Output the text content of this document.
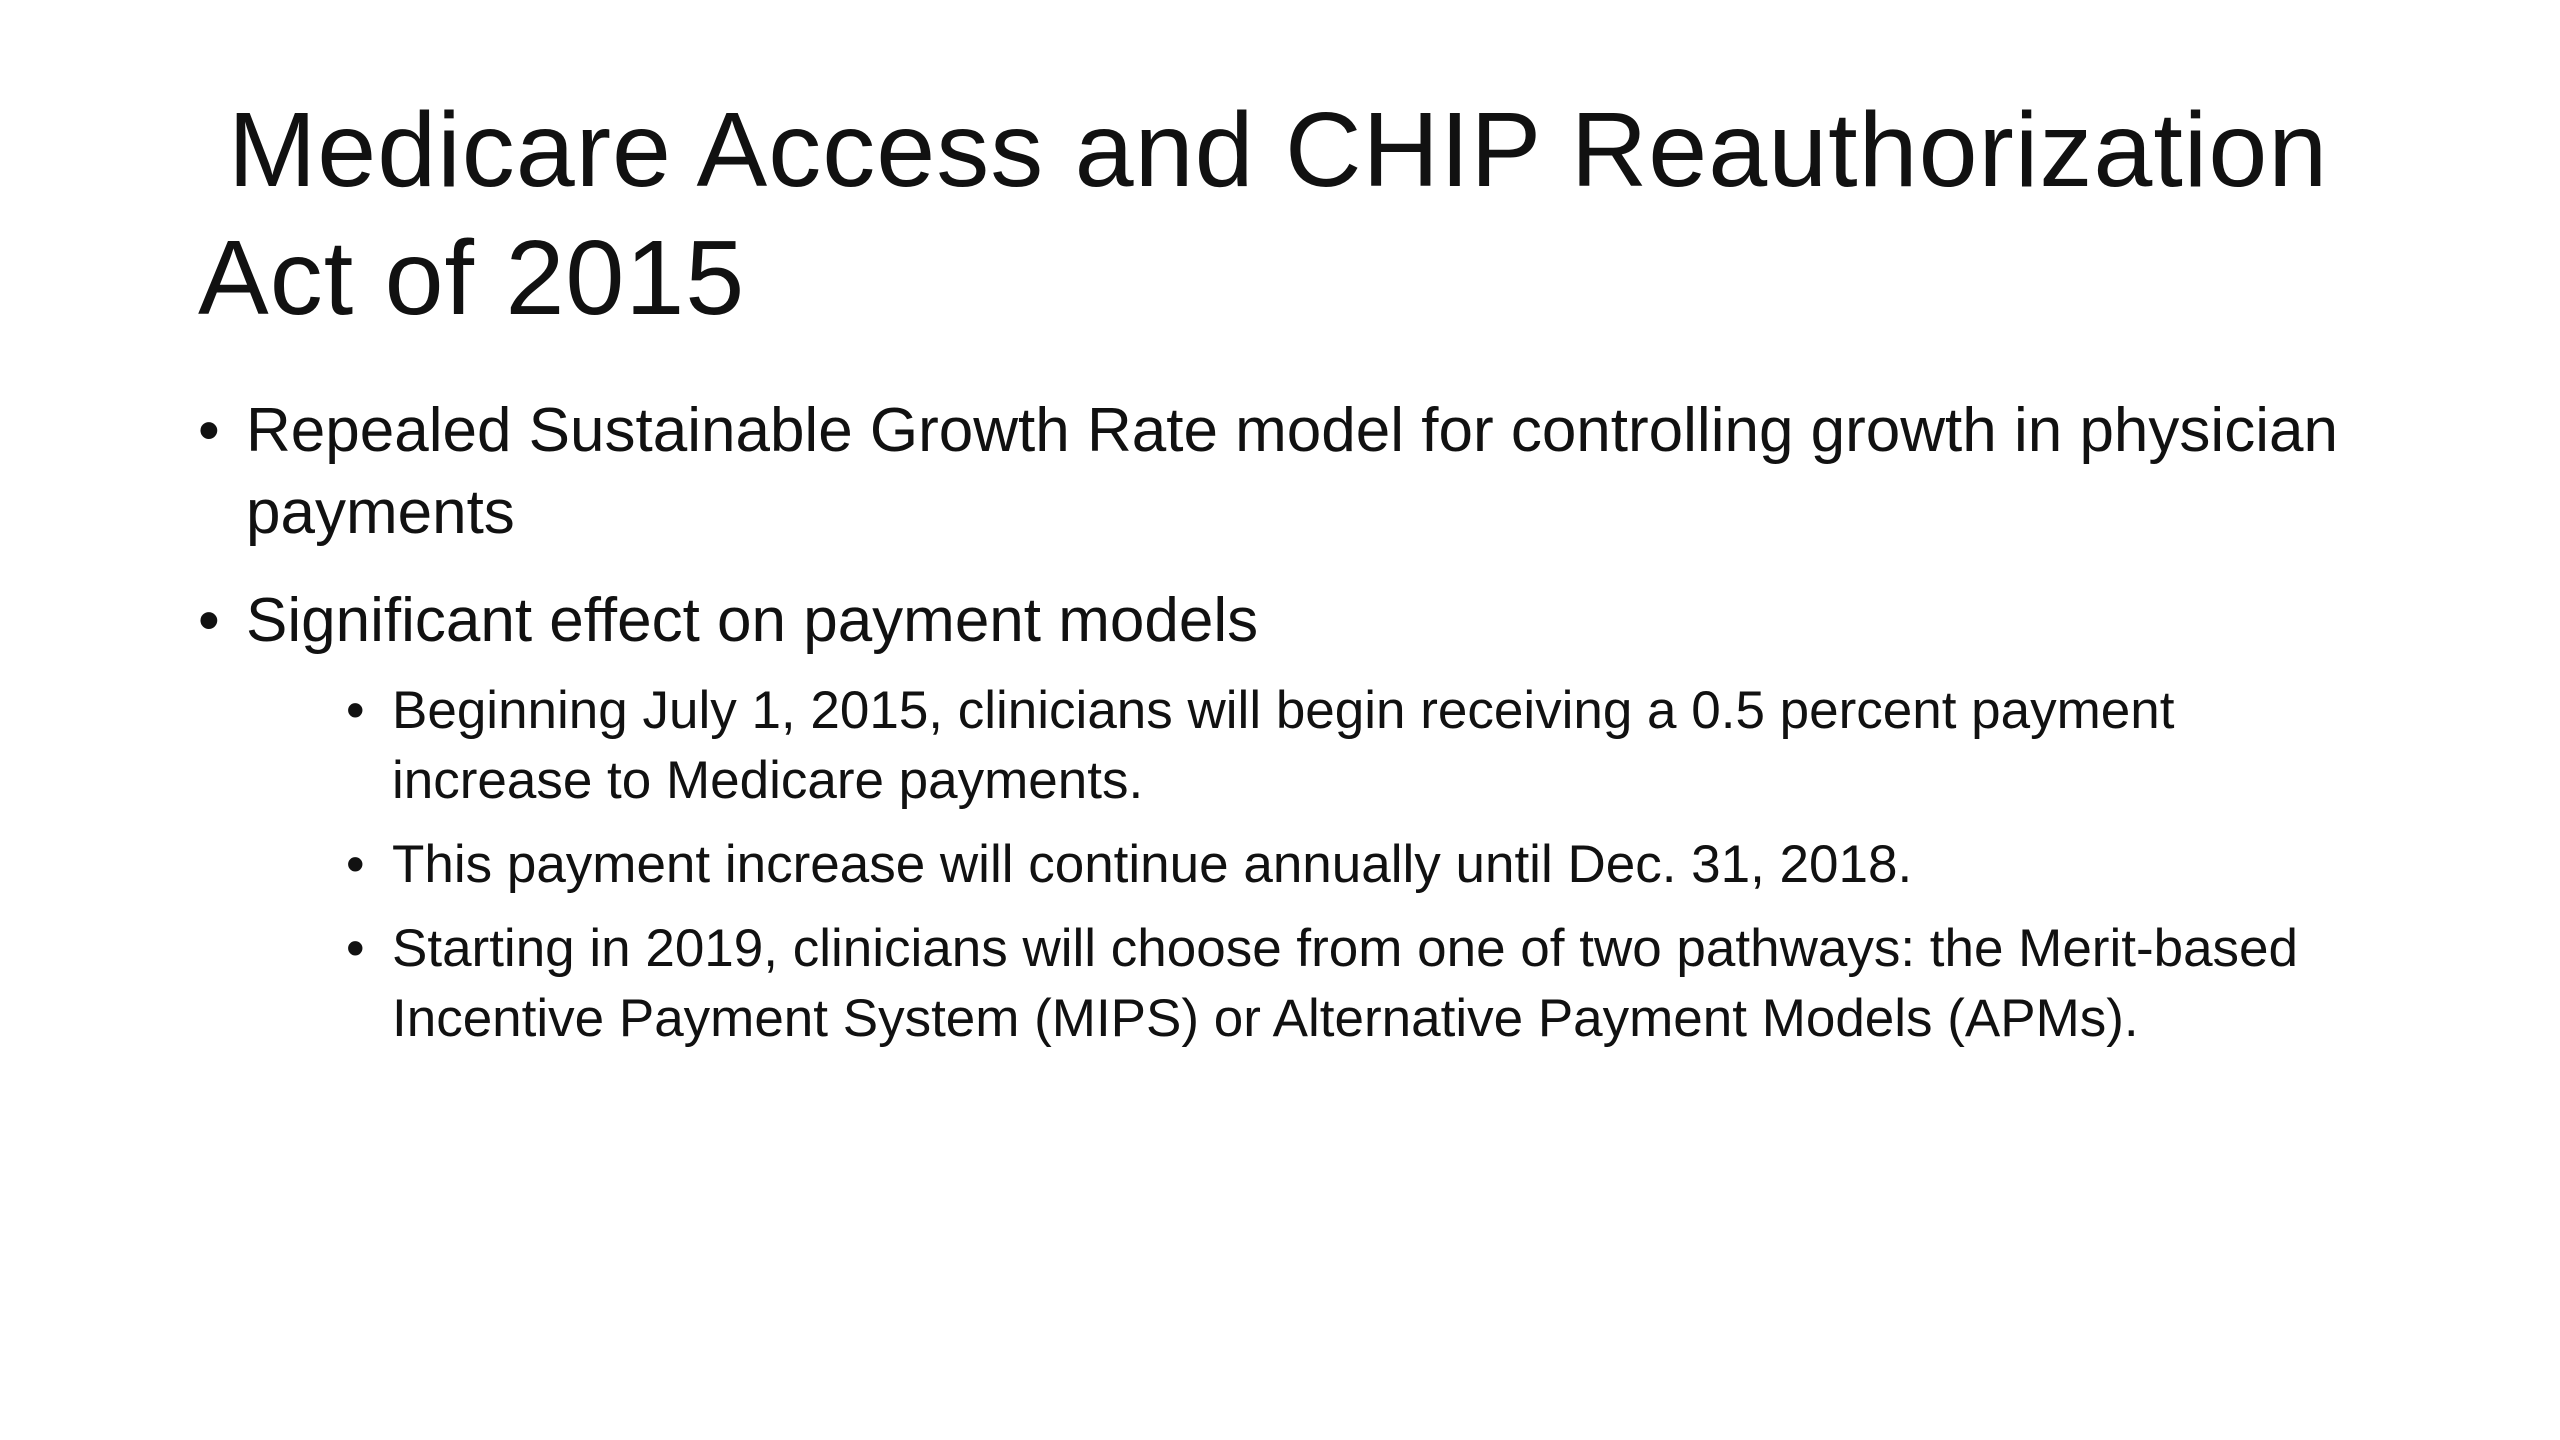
Medicare Access and CHIP Reauthorization
Act of 2015
• Repealed Sustainable Growth Rate model for controlling growth in physician payments
• Significant effect on payment models
• Beginning July 1, 2015, clinicians will begin receiving a 0.5 percent payment increase to Medicare payments.
• This payment increase will continue annually until Dec. 31, 2018.
• Starting in 2019, clinicians will choose from one of two pathways: the Merit-based Incentive Payment System (MIPS) or Alternative Payment Models (APMs).
